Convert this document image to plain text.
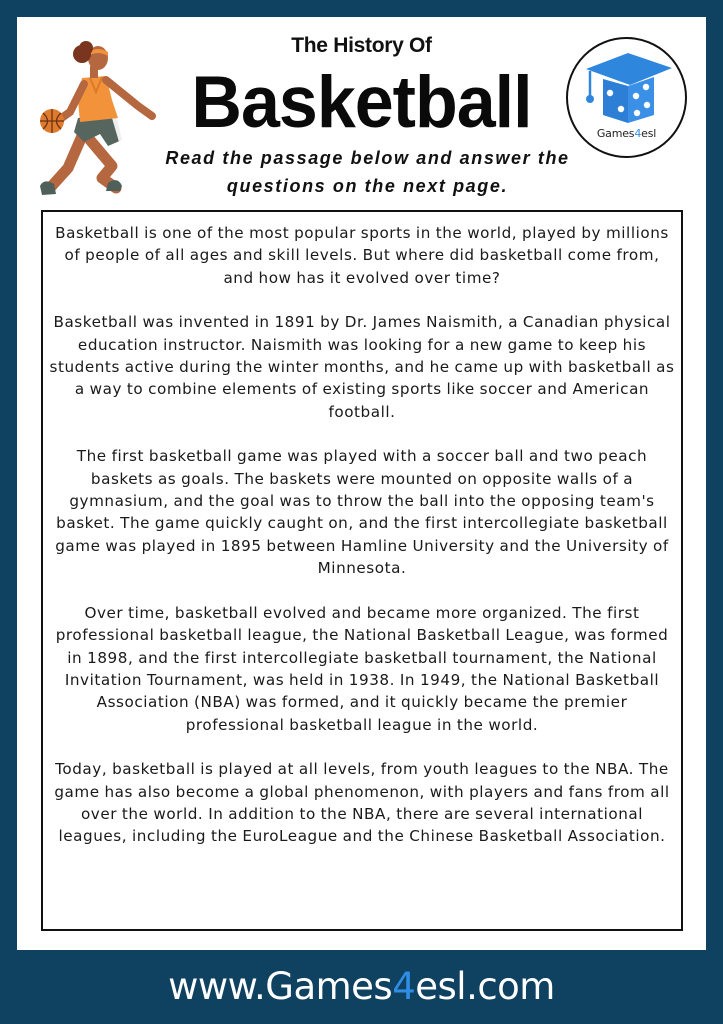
The History Of
Basketball
Read the passage below and answer the
questions on the next page.
Games4esl

Basketball is one of the most popular sports in the world, played by millions of people of all ages and skill levels. But where did basketball come from, and how has it evolved over time?

Basketball was invented in 1891 by Dr. James Naismith, a Canadian physical education instructor. Naismith was looking for a new game to keep his students active during the winter months, and he came up with basketball as a way to combine elements of existing sports like soccer and American football.

The first basketball game was played with a soccer ball and two peach baskets as goals. The baskets were mounted on opposite walls of a gymnasium, and the goal was to throw the ball into the opposing team's basket. The game quickly caught on, and the first intercollegiate basketball game was played in 1895 between Hamline University and the University of Minnesota.

Over time, basketball evolved and became more organized. The first professional basketball league, the National Basketball League, was formed in 1898, and the first intercollegiate basketball tournament, the National Invitation Tournament, was held in 1938. In 1949, the National Basketball Association (NBA) was formed, and it quickly became the premier professional basketball league in the world.

Today, basketball is played at all levels, from youth leagues to the NBA. The game has also become a global phenomenon, with players and fans from all over the world. In addition to the NBA, there are several international leagues, including the EuroLeague and the Chinese Basketball Association.

www.Games4esl.com
